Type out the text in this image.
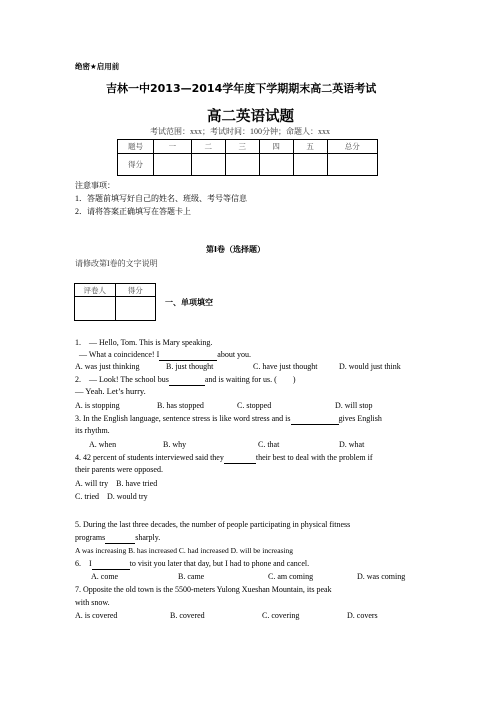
绝密★启用前
吉林一中2013—2014学年度下学期期末高二英语考试
高二英语试题
考试范围：xxx；考试时间：100分钟；命题人：xxx
题号	一	二	三	四	五	总分
得分						
注意事项：
1．答题前填写好自己的姓名、班级、考号等信息
2．请将答案正确填写在答题卡上
第I卷（选择题）
请修改第I卷的文字说明
评卷人	得分

一、单项填空
1.　— Hello, Tom. This is Mary speaking.
— What a coincidence! I	about you.
A. was just thinking	B. just thought	C. have just thought	D. would just think
2.　— Look! The school bus	and is waiting for us. (　　)
— Yeah. Let’s hurry.
A. is stopping	B. has stopped	C. stopped	D. will stop
3. In the English language, sentence stress is like word stress and is	gives English
its rhythm.
A. when	B. why	C. that	D. what
4. 42 percent of students interviewed said they	their best to deal with the problem if
their parents were opposed.
A. will try　B. have tried
C. tried　D. would try
5. During the last three decades, the number of people participating in physical fitness
programs	sharply.
A was increasing B. has increased C. had increased D. will be increasing
6.　I	to visit you later that day, but I had to phone and cancel.
A. come	B. came	C. am coming	D. was coming
7. Opposite the old town is the 5500-meters Yulong Xueshan Mountain, its peak
with snow.
A. is covered	B. covered	C. covering	D. covers
